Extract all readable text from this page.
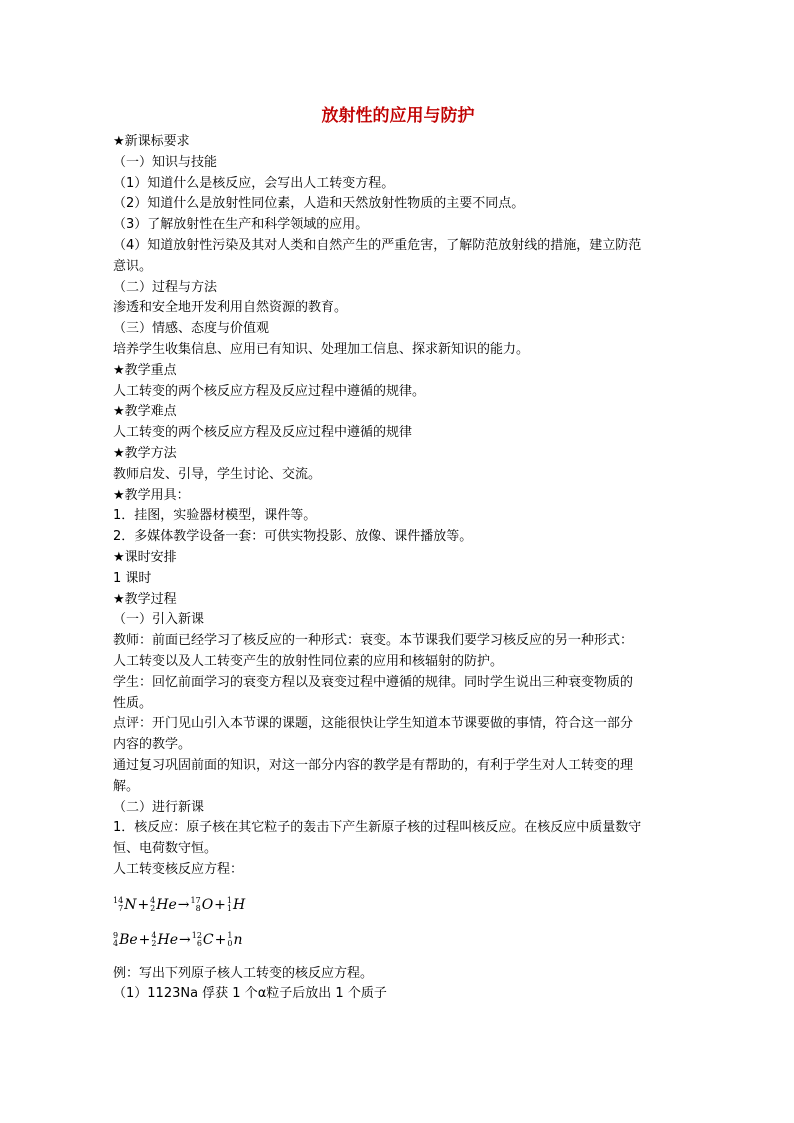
放射性的应用与防护
★新课标要求
（一）知识与技能
（1）知道什么是核反应，会写出人工转变方程。
（2）知道什么是放射性同位素，人造和天然放射性物质的主要不同点。
（3）了解放射性在生产和科学领域的应用。
（4）知道放射性污染及其对人类和自然产生的严重危害，了解防范放射线的措施，建立防范
意识。
（二）过程与方法
渗透和安全地开发利用自然资源的教育。
（三）情感、态度与价值观
培养学生收集信息、应用已有知识、处理加工信息、探求新知识的能力。
★教学重点
人工转变的两个核反应方程及反应过程中遵循的规律。
★教学难点
人工转变的两个核反应方程及反应过程中遵循的规律
★教学方法
教师启发、引导，学生讨论、交流。
★教学用具：
1．挂图，实验器材模型，课件等。
2．多媒体教学设备一套：可供实物投影、放像、课件播放等。
★课时安排
1 课时
★教学过程
（一）引入新课
教师：前面已经学习了核反应的一种形式：衰变。本节课我们要学习核反应的另一种形式：
人工转变以及人工转变产生的放射性同位素的应用和核辐射的防护。
学生：回忆前面学习的衰变方程以及衰变过程中遵循的规律。同时学生说出三种衰变物质的
性质。
点评：开门见山引入本节课的课题，这能很快让学生知道本节课要做的事情，符合这一部分
内容的教学。
通过复习巩固前面的知识，对这一部分内容的教学是有帮助的，有利于学生对人工转变的理
解。
（二）进行新课
1．核反应：原子核在其它粒子的轰击下产生新原子核的过程叫核反应。在核反应中质量数守
恒、电荷数守恒。
人工转变核反应方程：
14
7 N+ 4
2 He→ 17
8 O+ 1
1 H
9
4 Be+ 4
2 He→ 12
6 C+ 1
0 n
例：写出下列原子核人工转变的核反应方程。
（1）1123Na 俘获 1 个α粒子后放出 1 个质子
